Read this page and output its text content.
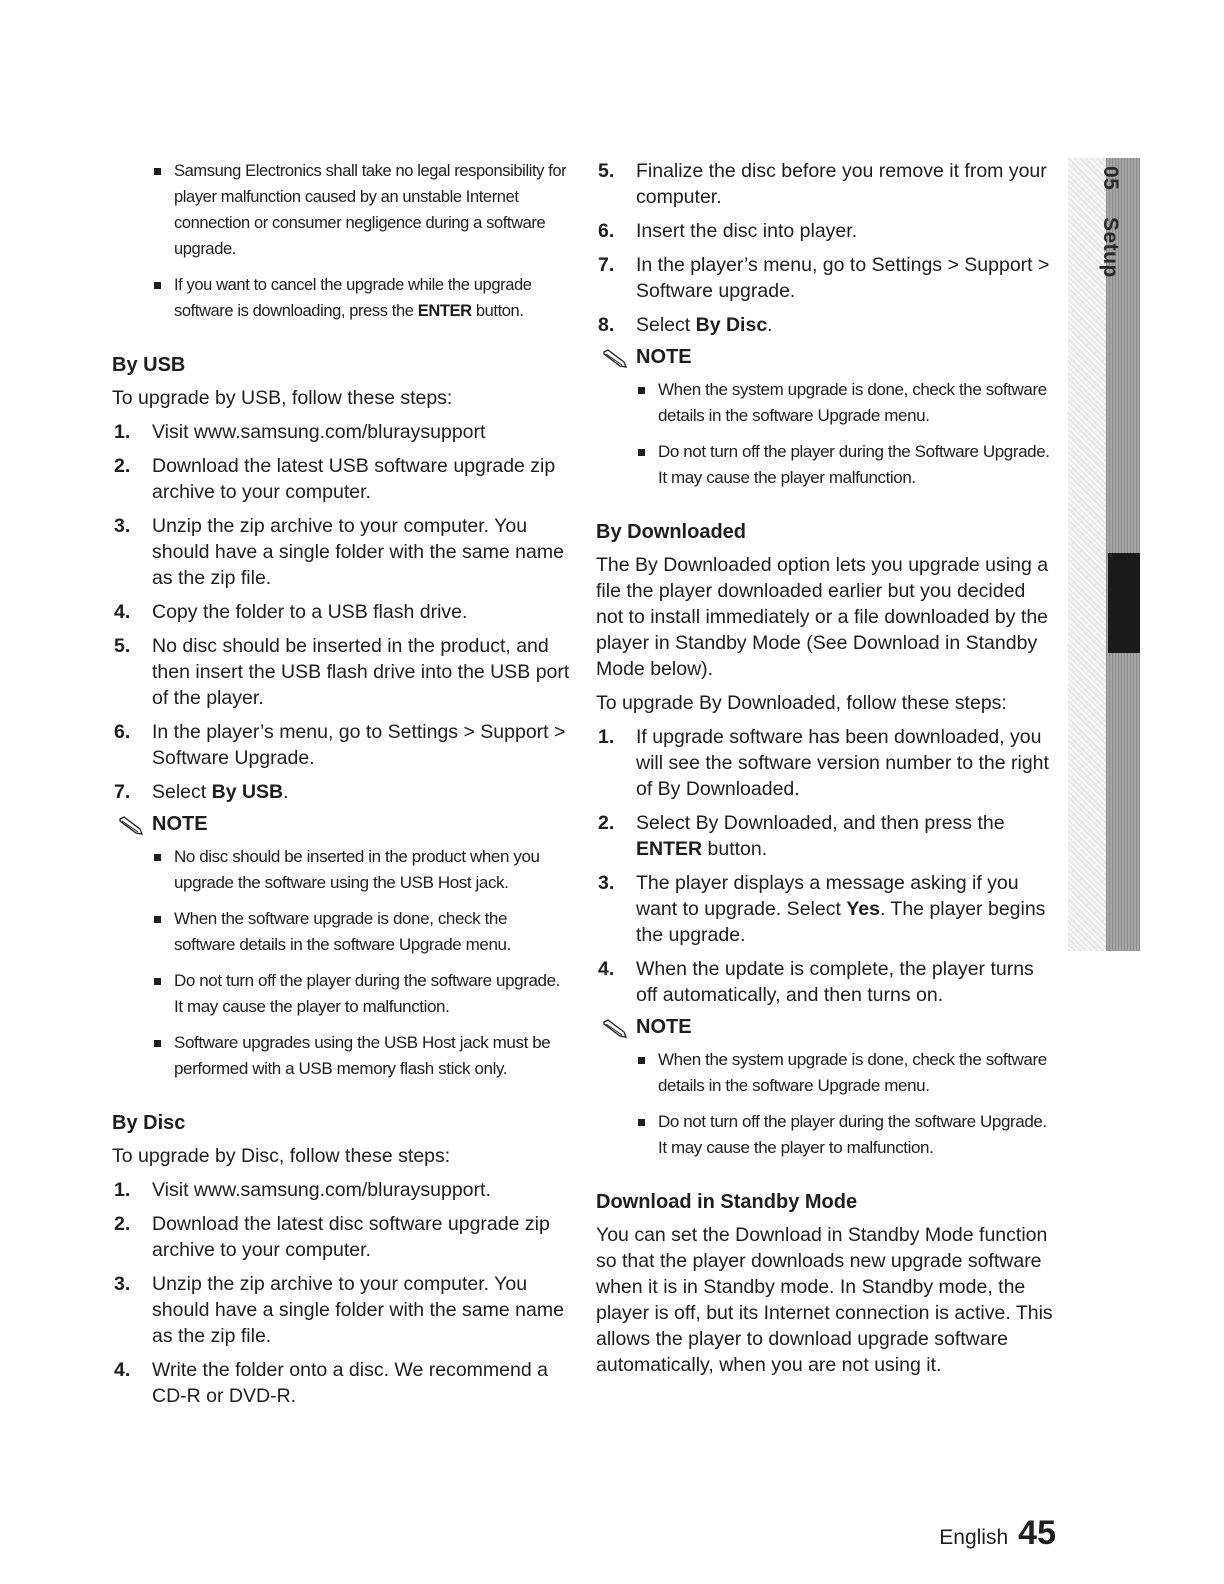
Samsung Electronics shall take no legal responsibility for player malfunction caused by an unstable Internet connection or consumer negligence during a software upgrade.
If you want to cancel the upgrade while the upgrade software is downloading, press the ENTER button.
By USB

To upgrade by USB, follow these steps:

1. Visit www.samsung.com/bluraysupport
2. Download the latest USB software upgrade zip archive to your computer.
3. Unzip the zip archive to your computer. You should have a single folder with the same name as the zip file.
4. Copy the folder to a USB flash drive.
5. No disc should be inserted in the product, and then insert the USB flash drive into the USB port of the player.
6. In the player’s menu, go to Settings > Support > Software Upgrade.
7. Select By USB.
NOTE
No disc should be inserted in the product when you upgrade the software using the USB Host jack.
When the software upgrade is done, check the software details in the software Upgrade menu.
Do not turn off the player during the software upgrade. It may cause the player to malfunction.
Software upgrades using the USB Host jack must be performed with a USB memory flash stick only.
By Disc

To upgrade by Disc, follow these steps:

1. Visit www.samsung.com/bluraysupport.
2. Download the latest disc software upgrade zip archive to your computer.
3. Unzip the zip archive to your computer. You should have a single folder with the same name as the zip file.
4. Write the folder onto a disc. We recommend a CD-R or DVD-R.
5. Finalize the disc before you remove it from your computer.
6. Insert the disc into player.
7. In the player’s menu, go to Settings > Support > Software upgrade.
8. Select By Disc.
NOTE
When the system upgrade is done, check the software details in the software Upgrade menu.
Do not turn off the player during the Software Upgrade. It may cause the player malfunction.
By Downloaded

The By Downloaded option lets you upgrade using a file the player downloaded earlier but you decided not to install immediately or a file downloaded by the player in Standby Mode (See Download in Standby Mode below).

To upgrade By Downloaded, follow these steps:

1. If upgrade software has been downloaded, you will see the software version number to the right of By Downloaded.
2. Select By Downloaded, and then press the ENTER button.
3. The player displays a message asking if you want to upgrade. Select Yes. The player begins the upgrade.
4. When the update is complete, the player turns off automatically, and then turns on.
NOTE
When the system upgrade is done, check the software details in the software Upgrade menu.
Do not turn off the player during the software Upgrade. It may cause the player to malfunction.
Download in Standby Mode

You can set the Download in Standby Mode function so that the player downloads new upgrade software when it is in Standby mode. In Standby mode, the player is off, but its Internet connection is active. This allows the player to download upgrade software automatically, when you are not using it.

05  Setup
English 45
